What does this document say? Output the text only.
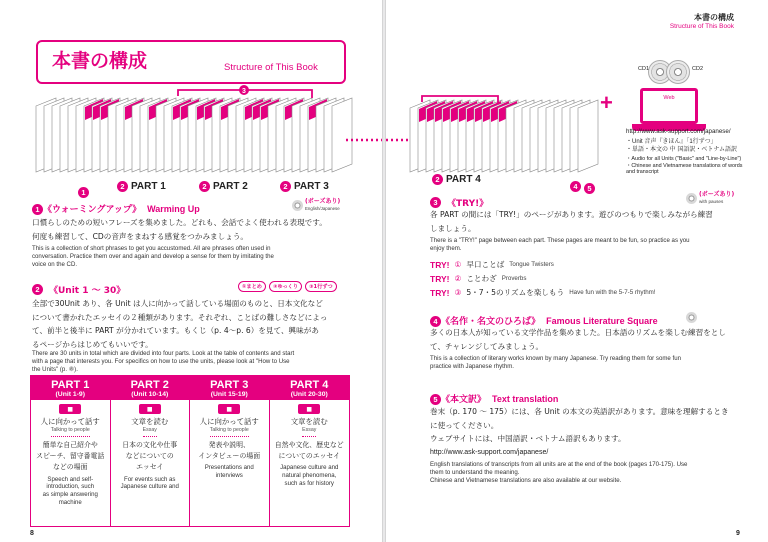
本書の構成	Structure of This Book
3
1
2 PART 1	2 PART 2	2 PART 3
1 《ウォーミングアップ》 Warming Up
(ボーズあり)
English/Japanese
口慣らしのための短いフレーズを集めました。どれも、会話でよく使われる表現です。
何度も練習して、CDの音声をまねする感覚をつかみましょう。
This is a collection of short phrases to get you accustomed. All are phrases often used in
conversation. Practice them over and again and develop a sense for them by imitating the
voice on the CD.
2	《Unit 1 〜 30》	①まとめ	②ゆっくり	③1行ずつ
全部で30Unit あり、各 Unit は人に向かって話している場面のものと、日本文化など
について書かれたエッセイの２種類があります。それぞれ、ことばの難しさなどによっ
て、前半と後半に PART が分かれています。もくじ（p. 4〜p. 6）を見て、興味があ
るページからはじめてもいいです。
There are 30 units in total which are divided into four parts. Look at the table of contents and start
with a page that interests you. For specifics on how to use the units, please look at "How to Use
the Units" (p. ⑧).
PART 1
(Unit 1-9)
■
人に向かって話す
Talking to people
簡単な自己紹介や
スピーチ、留守番電話
などの場面
Speech and self-
introduction, such
as simple answering
machine
PART 2
(Unit 10-14)
■
文章を読む
Essay
日本の文化や仕事
などについての
エッセイ
For events such as
Japanese culture and
PART 3
(Unit 15-19)
■
人に向かって話す
Talking to people
発表や説明、
インタビューの場面
Presentations and
interviews
PART 4
(Unit 20-30)
■
文章を読む
Essay
自然や文化、歴史など
についてのエッセイ
Japanese culture and
natural phenomena,
such as for history
8
本書の構成
Structure of This Book
2 PART 4
4	5
+
CD1	CD2
Web
http://www.ask-support.com/japanese/
・Unit 音声『きほん』「1行ずつ」
・単語・本文の 中 国語訳・ベトナム語訳
・Audio for all Units ("Basic" and "Line-by-Line")
・Chinese and Vietnamese translations of words and transcript
3	《TRY!》
(ボーズあり)
with pauses
各 PART の間には「TRY!」のページがあります。遊びのつもりで楽しみながら練習
しましょう。
There is a "TRY!" page between each part. These pages are meant to be fun, so practice as you
enjoy them.
TRY! ① 早口ことば Tongue Twisters
TRY! ② ことわざ Proverbs
TRY! ③ 5・7・5のリズムを楽しもう Have fun with the 5-7-5 rhythm!
4 《名作・名文のひろば》 Famous Literature Square
多くの日本人が知っている文学作品を集めました。日本語のリズムを楽しむ練習をとし
て、チャレンジしてみましょう。
This is a collection of literary works known by many Japanese. Try reading them for some fun
practice with Japanese rhythm.
5 《本文訳》 Text translation
巻末（p. 170 〜 175）には、各 Unit の本文の英語訳があります。意味を理解するとき
に使ってください。
ウェブサイトには、中国語訳・ベトナム語訳もあります。
http://www.ask-support.com/japanese/
English translations of transcripts from all units are at the end of the book (pages 170-175). Use
them to understand the meaning.
Chinese and Vietnamese translations are also available at our website.
9
